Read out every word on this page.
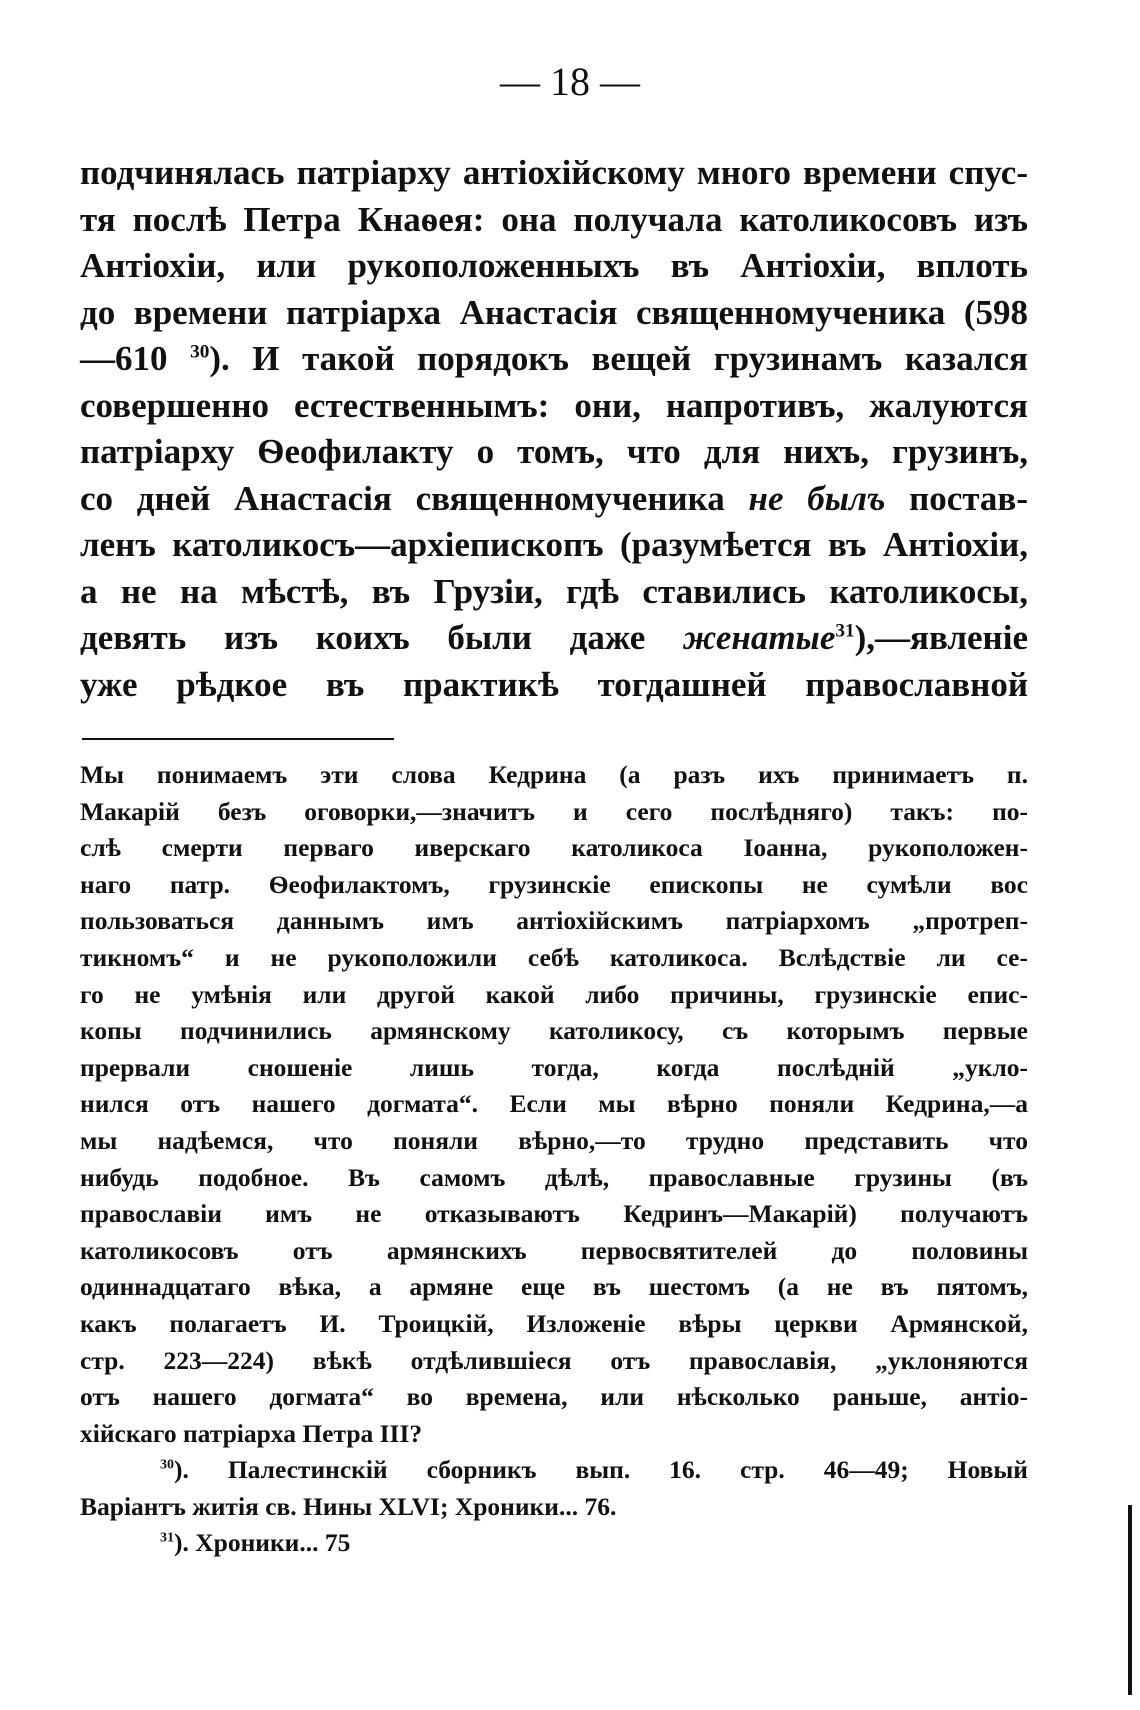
— 18 —
подчинялась патріарху антіохійскому много времени спус-
тя послѣ Петра Кнаѳея: она получала католикосовъ изъ
Антіохіи, или рукоположенныхъ въ Антіохіи, вплоть
до времени патріарха Анастасія священномученика (598
—610 $^{30}$). И такой порядокъ вещей грузинамъ казался
совершенно естественнымъ: они, напротивъ, жалуются
патріарху Ѳеофилакту о томъ, что для нихъ, грузинъ,
со дней Анастасія священномученика не былъ постав-
ленъ католикосъ—архіепископъ (разумѣется въ Антіохіи,
а не на мѣстѣ, въ Грузіи, гдѣ ставились католикосы,
девять изъ коихъ были даже женатые$^{31}$),—явленіе
уже рѣдкое въ практикѣ тогдашней православной
Мы понимаемъ эти слова Кедрина (а разъ ихъ принимаетъ п.
Макарій безъ оговорки,—значитъ и сего послѣдняго) такъ: по-
слѣ смерти перваго иверскаго католикоса Іоанна, рукоположен-
наго патр. Ѳеофилактомъ, грузинскіе епископы не сумѣли вос
пользоваться даннымъ имъ антіохійскимъ патріархомъ „протреп-
тикномъ“ и не рукоположили себѣ католикоса. Вслѣдствіе ли се-
го не умѣнія или другой какой либо причины, грузинскіе епис-
копы подчинились армянскому католикосу, съ которымъ первые
прервали сношеніе лишь тогда, когда послѣдній „укло-
нился отъ нашего догмата“. Если мы вѣрно поняли Кедрина,—а
мы надѣемся, что поняли вѣрно,—то трудно представить что
нибудь подобное. Въ самомъ дѣлѣ, православные грузины (въ
православіи имъ не отказываютъ Кедринъ—Макарій) получаютъ
католикосовъ отъ армянскихъ первосвятителей до половины
одиннадцатаго вѣка, а армяне еще въ шестомъ (а не въ пятомъ,
какъ полагаетъ И. Троицкій, Изложеніе вѣры церкви Армянской,
стр. 223—224) вѣкѣ отдѣлившіеся отъ православія, „уклоняются
отъ нашего догмата“ во времена, или нѣсколько раньше, антіо-
хійскаго патріарха Петра III?
$^{30}$). Палестинскій сборникъ вып. 16. стр. 46—49; Новый
Варіантъ житія св. Нины XLVI; Хроники... 76.
$^{31}$). Хроники... 75
